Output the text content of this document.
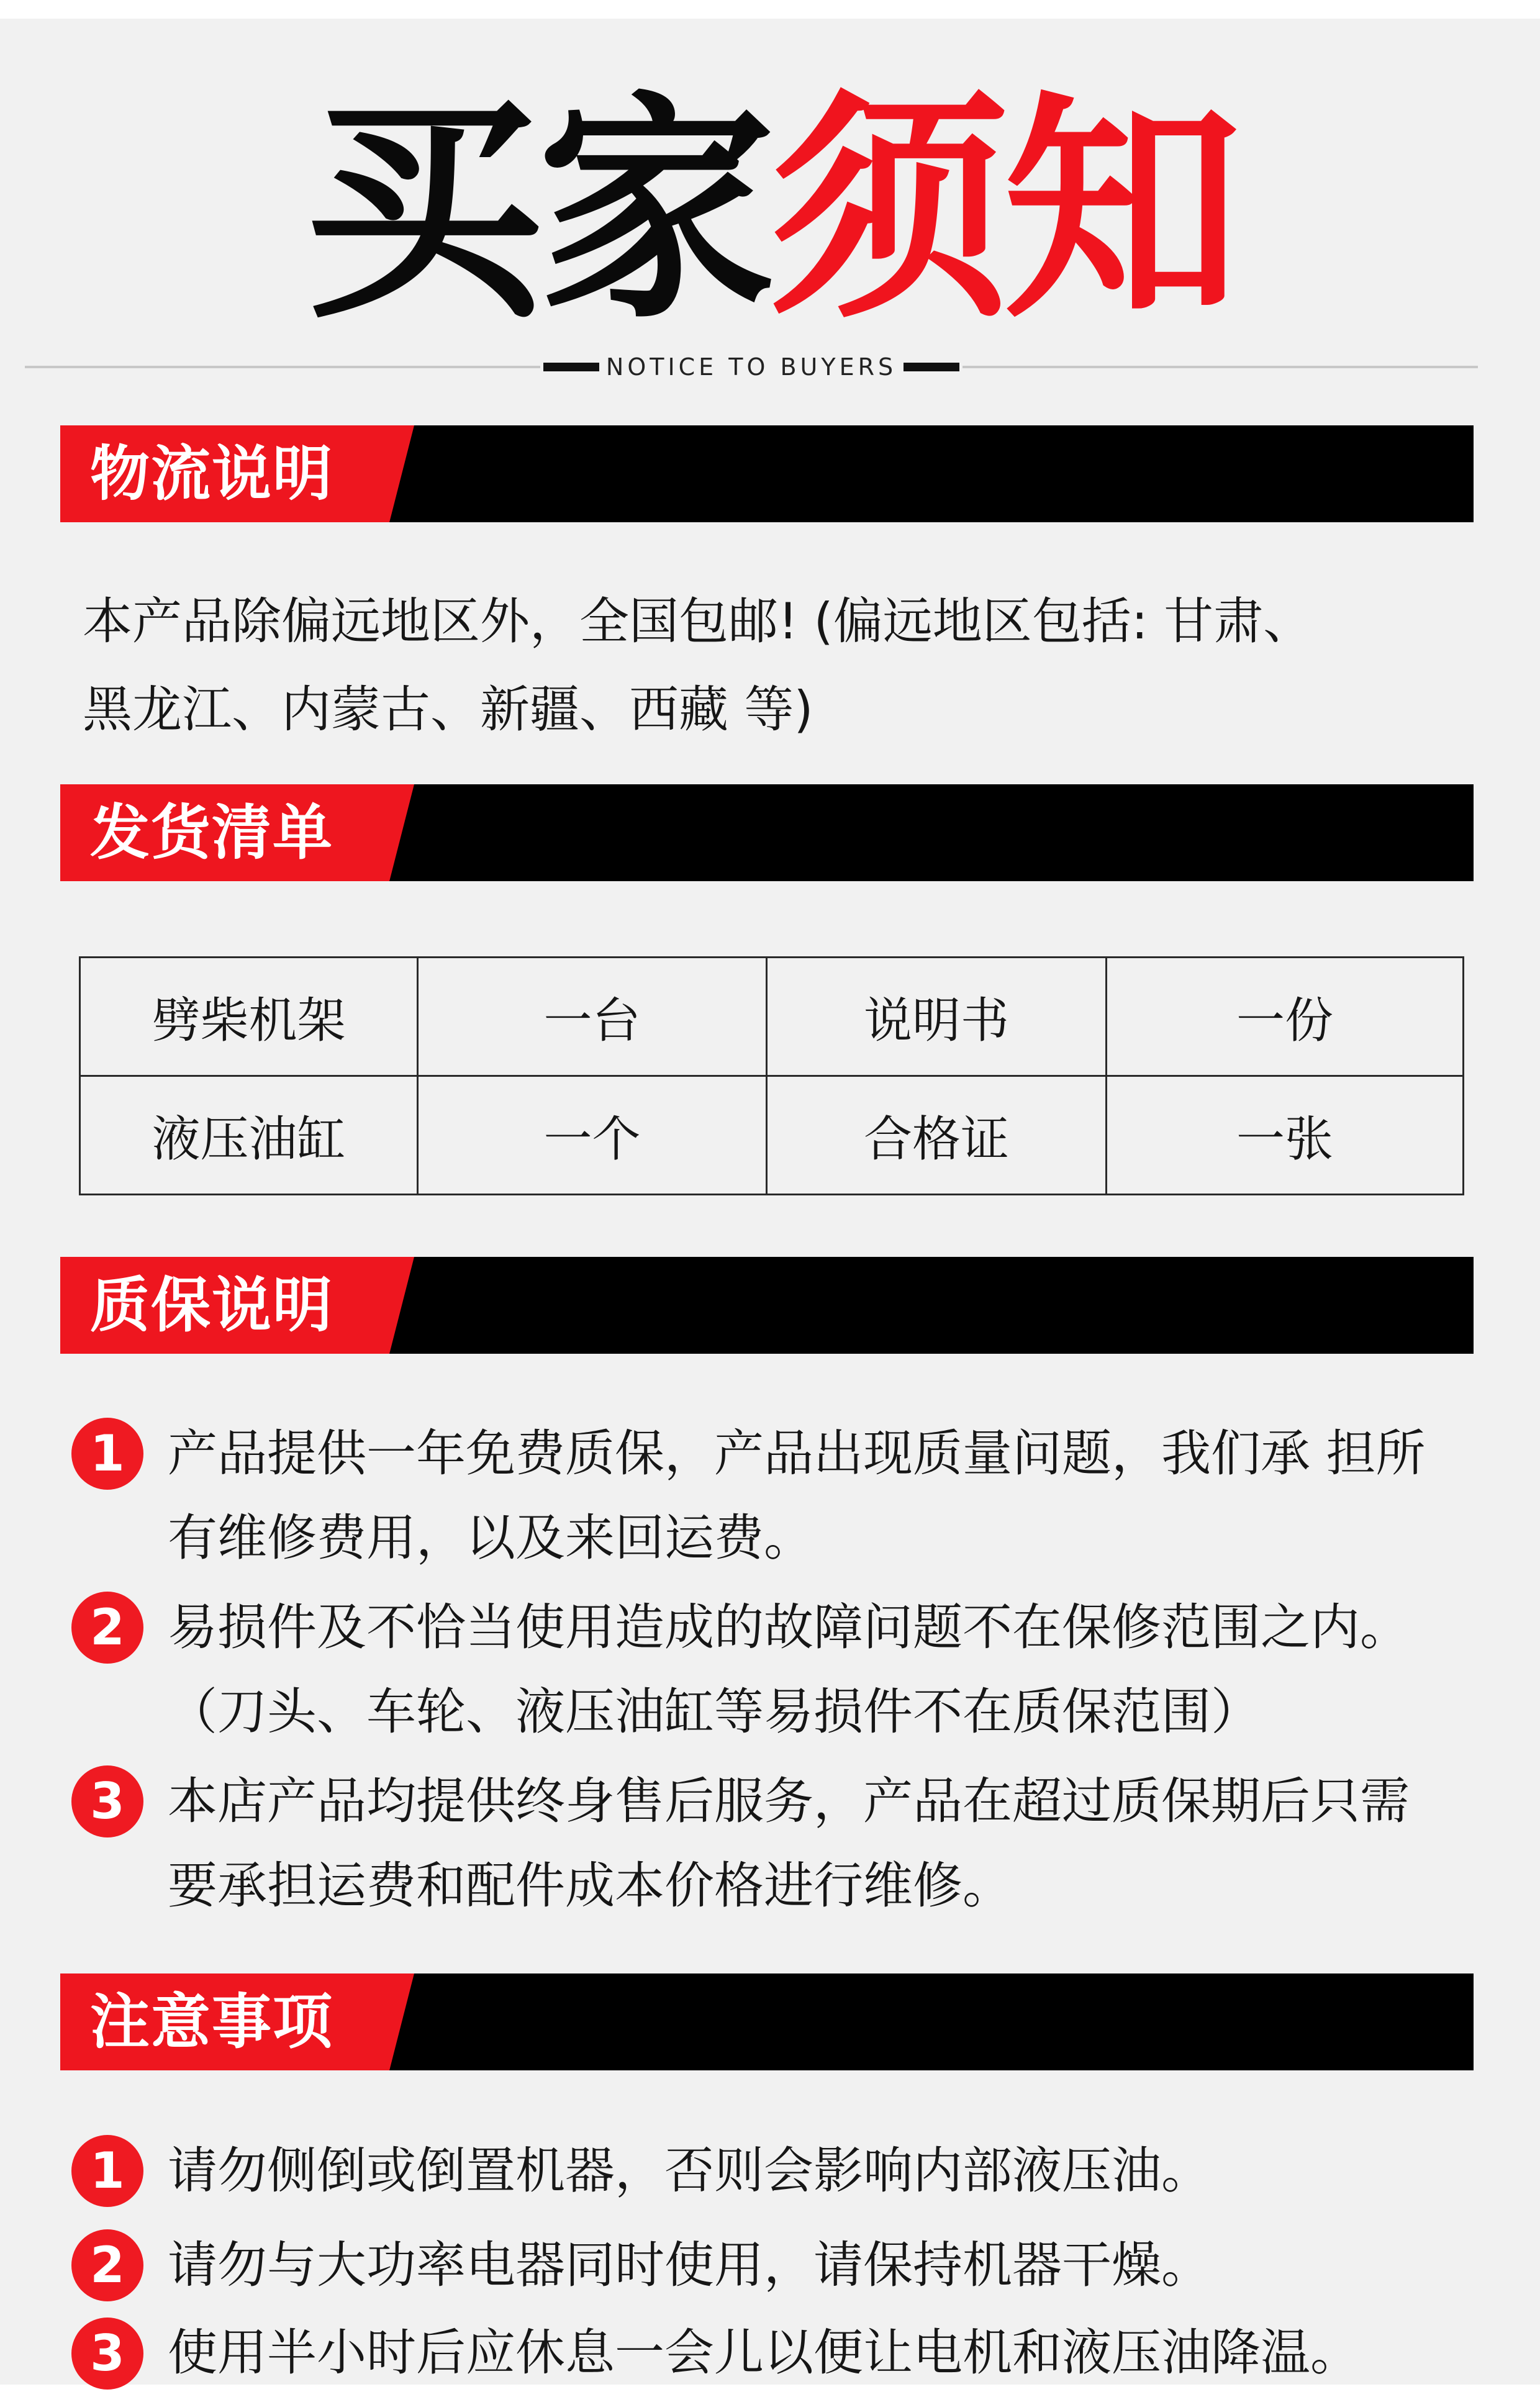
买家须知
NOTICE TO BUYERS
物流说明
本产品除偏远地区外，全国包邮! (偏远地区包括: 甘肃、
黑龙江、内蒙古、新疆、西藏 等)
发货清单
劈柴机架	一台	说明书	一份
液压油缸	一个	合格证	一张
质保说明
1 产品提供一年免费质保，产品出现质量问题，我们承 担所
有维修费用，以及来回运费。
2 易损件及不恰当使用造成的故障问题不在保修范围之内。
（刀头、车轮、液压油缸等易损件不在质保范围）
3 本店产品均提供终身售后服务，产品在超过质保期后只需
要承担运费和配件成本价格进行维修。
注意事项
1 请勿侧倒或倒置机器，否则会影响内部液压油。
2 请勿与大功率电器同时使用，请保持机器干燥。
3 使用半小时后应休息一会儿以便让电机和液压油降温。
